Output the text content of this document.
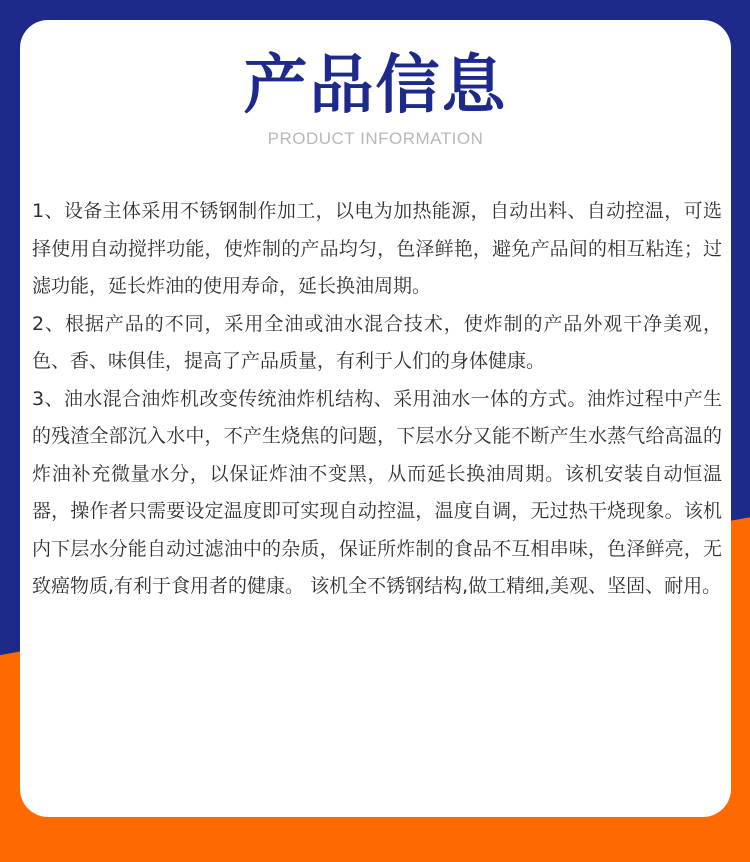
产品信息
PRODUCT INFORMATION

1、设备主体采用不锈钢制作加工，以电为加热能源，自动出料、自动控温，可选择使用自动搅拌功能，使炸制的产品均匀，色泽鲜艳，避免产品间的相互粘连；过滤功能，延长炸油的使用寿命，延长换油周期。

2、根据产品的不同，采用全油或油水混合技术，使炸制的产品外观干净美观，色、香、味俱佳，提高了产品质量，有利于人们的身体健康。

3、油水混合油炸机改变传统油炸机结构、采用油水一体的方式。油炸过程中产生的残渣全部沉入水中，不产生烧焦的问题，下层水分又能不断产生水蒸气给高温的炸油补充微量水分，以保证炸油不变黑，从而延长换油周期。该机安装自动恒温器，操作者只需要设定温度即可实现自动控温，温度自调，无过热干烧现象。该机内下层水分能自动过滤油中的杂质，保证所炸制的食品不互相串味，色泽鲜亮，无致癌物质,有利于食用者的健康。 该机全不锈钢结构,做工精细,美观、坚固、耐用。
